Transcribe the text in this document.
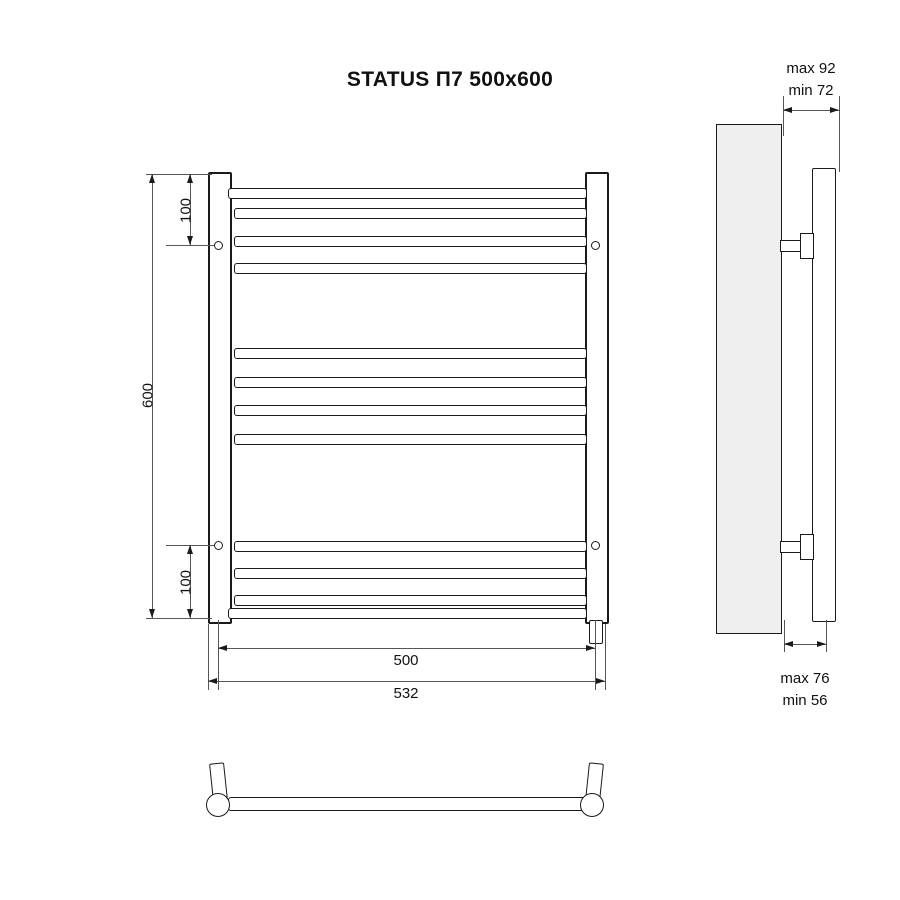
STATUS П7 500x600
100
600
100
500
532
max 92
min 72
max 76
min 56
